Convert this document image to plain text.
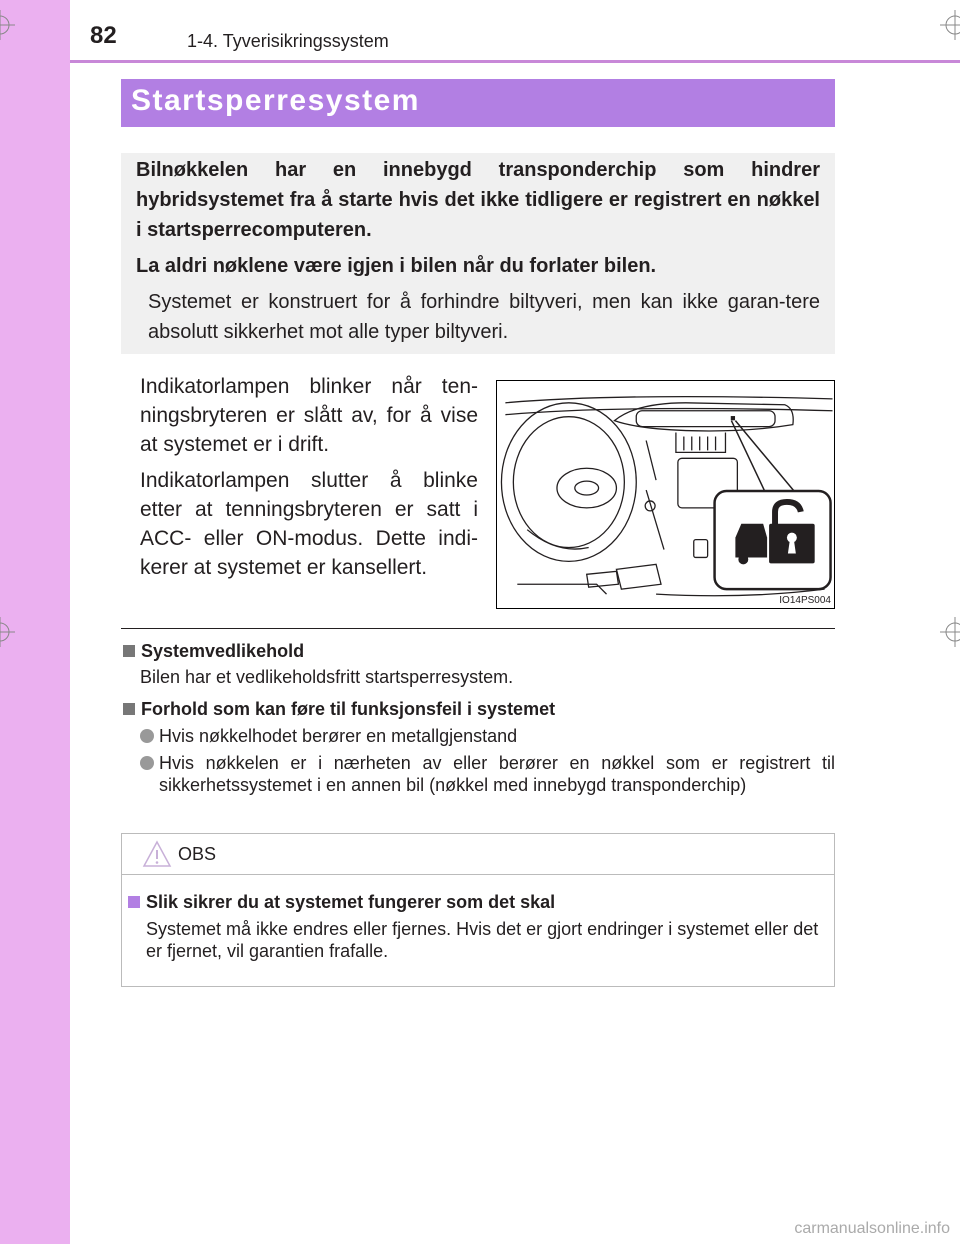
82	1-4. Tyverisikringssystem
Startsperresystem

Bilnøkkelen har en innebygd transponderchip som hindrer hybridsystemet fra å starte hvis det ikke tidligere er registrert en nøkkel i startsperrecomputeren.

La aldri nøklene være igjen i bilen når du forlater bilen.

Systemet er konstruert for å forhindre biltyveri, men kan ikke garan-tere absolutt sikkerhet mot alle typer biltyveri.

Indikatorlampen blinker når ten-ningsbryteren er slått av, for å vise at systemet er i drift.

Indikatorlampen slutter å blinke etter at tenningsbryteren er satt i ACC- eller ON-modus. Dette indi-kerer at systemet er kansellert.

IO14PS004

Systemvedlikehold

Bilen har et vedlikeholdsfritt startsperresystem.

Forhold som kan føre til funksjonsfeil i systemet

Hvis nøkkelhodet berører en metallgjenstand
Hvis nøkkelen er i nærheten av eller berører en nøkkel som er registrert til sikkerhetssystemet i en annen bil (nøkkel med innebygd transponderchip)
OBS

Slik sikrer du at systemet fungerer som det skal

Systemet må ikke endres eller fjernes. Hvis det er gjort endringer i systemet eller det er fjernet, vil garantien frafalle.

carmanualsonline.info
